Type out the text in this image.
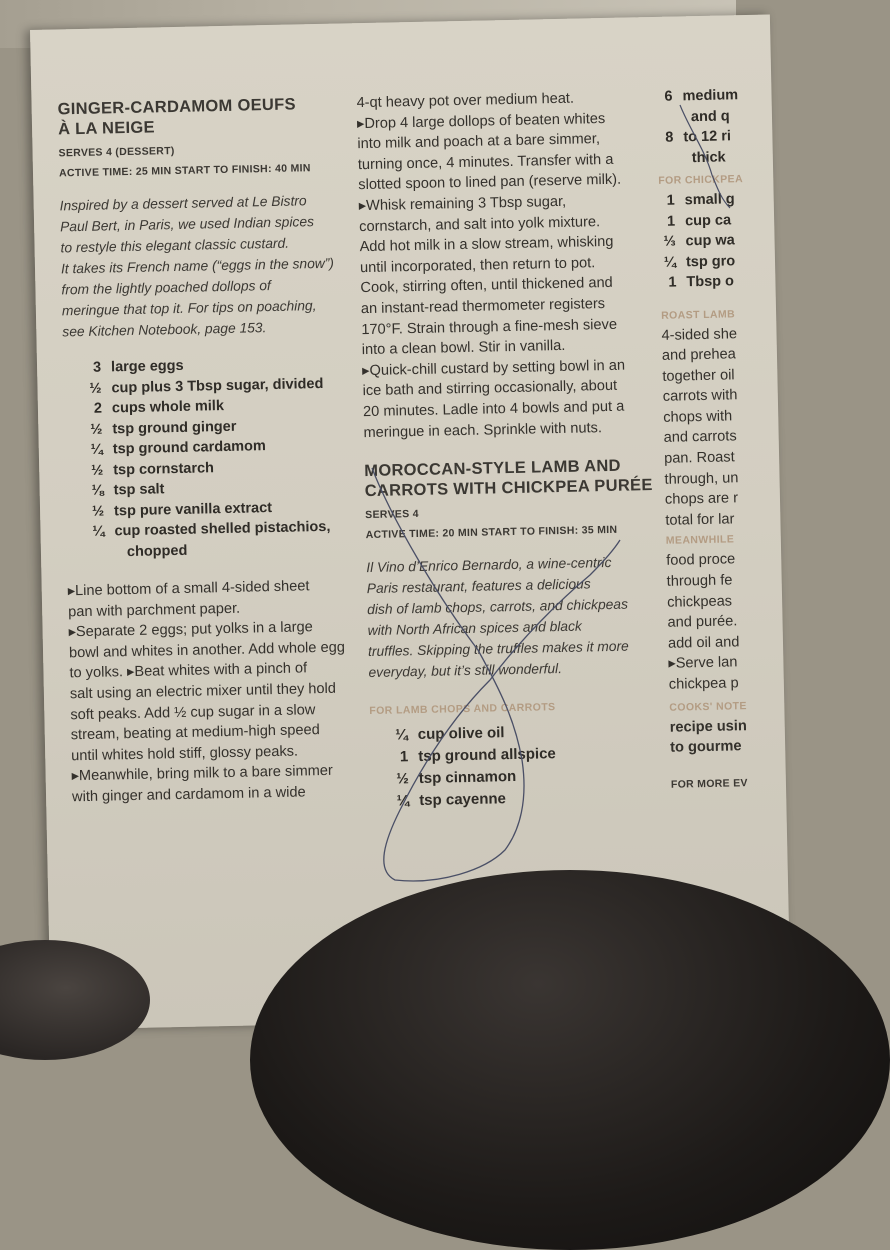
GINGER-CARDAMOM OEUFS

À LA NEIGE

SERVES 4 (DESSERT)

ACTIVE TIME: 25 MIN START TO FINISH: 40 MIN

Inspired by a dessert served at Le Bistro

Paul Bert, in Paris, we used Indian spices

to restyle this elegant classic custard.

It takes its French name (“eggs in the snow”)

from the lightly poached dollops of

meringue that top it. For tips on poaching,

see Kitchen Notebook, page 153.

3 large eggs
½ cup plus 3 Tbsp sugar, divided
2 cups whole milk
½ tsp ground ginger
¼ tsp ground cardamom
½ tsp cornstarch
⅛ tsp salt
½ tsp pure vanilla extract
¼ cup roasted shelled pistachios,
chopped

▸Line bottom of a small 4-sided sheet

pan with parchment paper.

▸Separate 2 eggs; put yolks in a large

bowl and whites in another. Add whole egg

to yolks. ▸Beat whites with a pinch of

salt using an electric mixer until they hold

soft peaks. Add ½ cup sugar in a slow

stream, beating at medium-high speed

until whites hold stiff, glossy peaks.

▸Meanwhile, bring milk to a bare simmer

with ginger and cardamom in a wide

4-qt heavy pot over medium heat.

▸Drop 4 large dollops of beaten whites

into milk and poach at a bare simmer,

turning once, 4 minutes. Transfer with a

slotted spoon to lined pan (reserve milk).

▸Whisk remaining 3 Tbsp sugar,

cornstarch, and salt into yolk mixture.

Add hot milk in a slow stream, whisking

until incorporated, then return to pot.

Cook, stirring often, until thickened and

an instant-read thermometer registers

170°F. Strain through a fine-mesh sieve

into a clean bowl. Stir in vanilla.

▸Quick-chill custard by setting bowl in an

ice bath and stirring occasionally, about

20 minutes. Ladle into 4 bowls and put a

meringue in each. Sprinkle with nuts.

MOROCCAN-STYLE LAMB AND

CARROTS WITH CHICKPEA PURÉE

SERVES 4

ACTIVE TIME: 20 MIN START TO FINISH: 35 MIN

Il Vino d’Enrico Bernardo, a wine-centric

Paris restaurant, features a delicious

dish of lamb chops, carrots, and chickpeas

with North African spices and black

truffles. Skipping the truffles makes it more

everyday, but it’s still wonderful.

FOR LAMB CHOPS AND CARROTS

¼ cup olive oil
1 tsp ground allspice
½ tsp cinnamon
¼ tsp cayenne
6 medium
and q
8 to 12 ri
thick

FOR CHICKPEA

1 small g
1 cup ca
⅓ cup wa
¼ tsp gro
1 Tbsp o

ROAST LAMB

4-sided she

and prehea

together oil

carrots with

chops with

and carrots

pan. Roast

through, un

chops are r

total for lar

MEANWHILE

food proce

through fe

chickpeas

and purée.

add oil and

▸Serve lan

chickpea p

COOKS' NOTE

recipe usin

to gourme

FOR MORE EV
